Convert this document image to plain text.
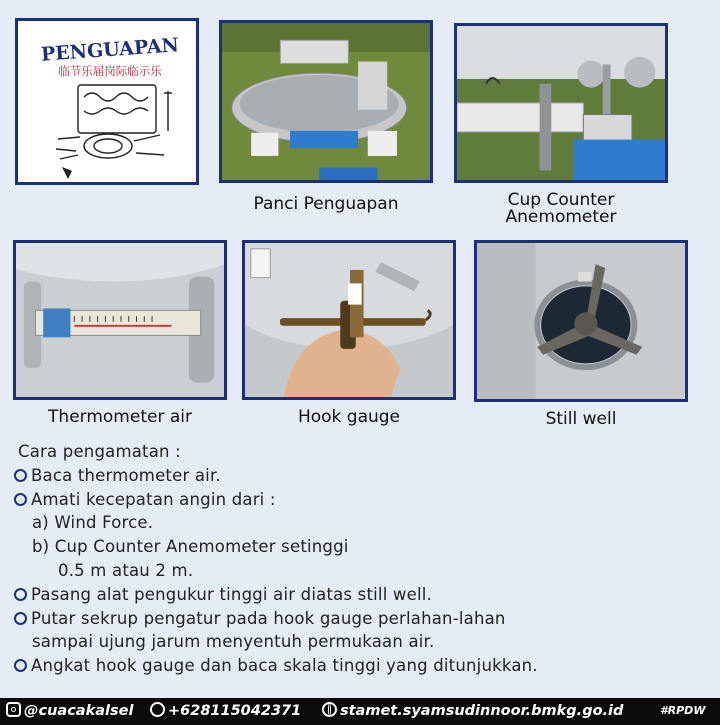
PENGUAPAN
临节乐届岗际临示乐
Panci Penguapan	Cup Counter
Anemometer
Thermometer air	Hook gauge	Still well
Cara pengamatan :
Baca thermometer air.
Amati kecepatan angin dari :
a) Wind Force.
b) Cup Counter Anemometer setinggi
0.5 m atau 2 m.
Pasang alat pengukur tinggi air diatas still well.
Putar sekrup pengatur pada hook gauge perlahan-lahan
sampai ujung jarum menyentuh permukaan air.
Angkat hook gauge dan baca skala tinggi yang ditunjukkan.
@cuacakalsel	+628115042371	stamet.syamsudinnoor.bmkg.go.id	#RPDW
